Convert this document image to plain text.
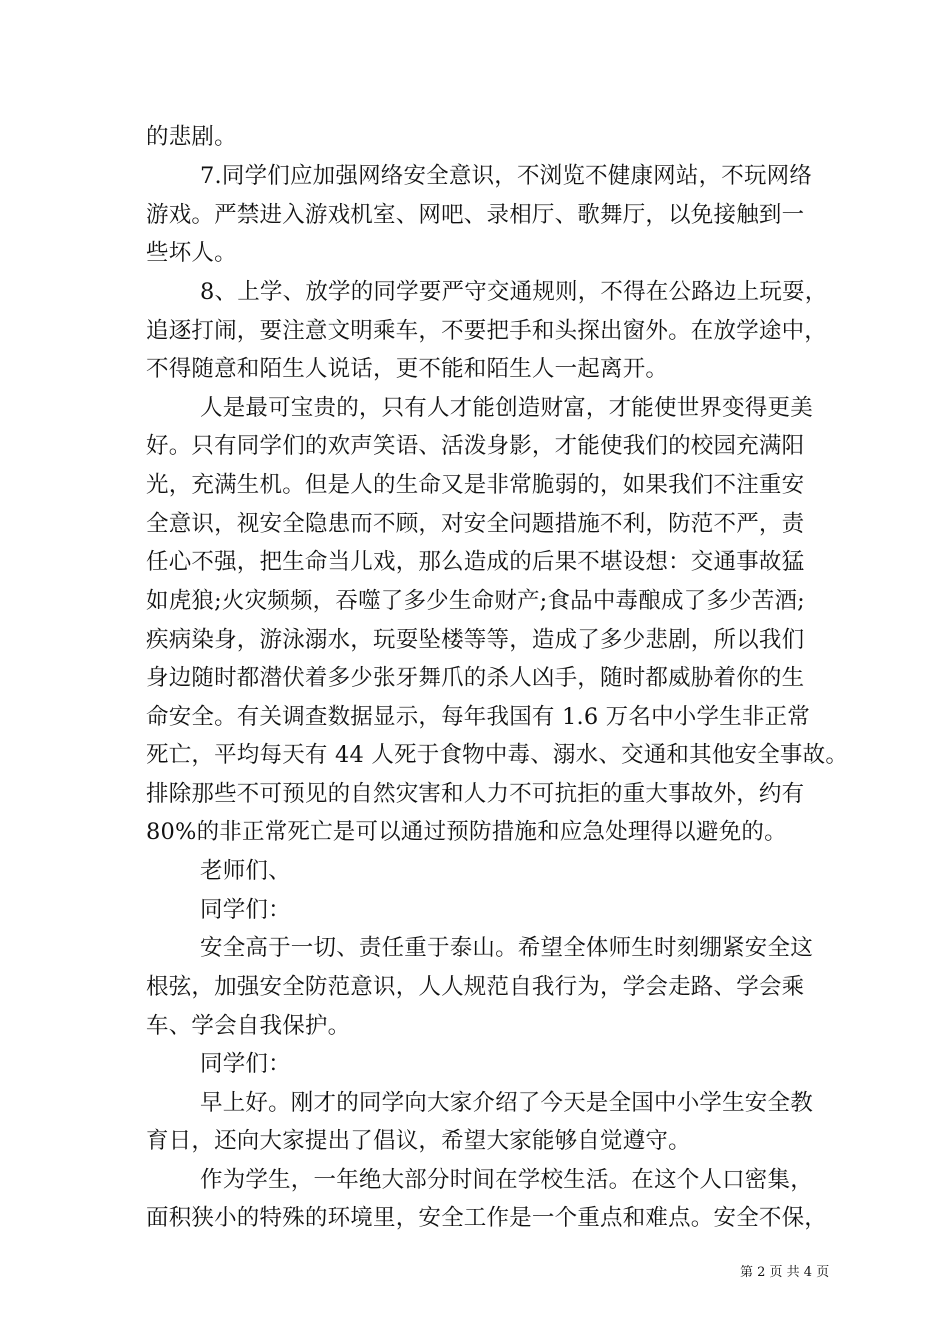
的悲剧。
7.同学们应加强网络安全意识，不浏览不健康网站，不玩网络
游戏。严禁进入游戏机室、网吧、录相厅、歌舞厅，以免接触到一
些坏人。
8、上学、放学的同学要严守交通规则，不得在公路边上玩耍，
追逐打闹，要注意文明乘车，不要把手和头探出窗外。在放学途中，
不得随意和陌生人说话，更不能和陌生人一起离开。
人是最可宝贵的，只有人才能创造财富，才能使世界变得更美
好。只有同学们的欢声笑语、活泼身影，才能使我们的校园充满阳
光，充满生机。但是人的生命又是非常脆弱的，如果我们不注重安
全意识，视安全隐患而不顾，对安全问题措施不利，防范不严，责
任心不强，把生命当儿戏，那么造成的后果不堪设想：交通事故猛
如虎狼;火灾频频，吞噬了多少生命财产;食品中毒酿成了多少苦酒;
疾病染身，游泳溺水，玩耍坠楼等等，造成了多少悲剧，所以我们
身边随时都潜伏着多少张牙舞爪的杀人凶手，随时都威胁着你的生
命安全。有关调查数据显示，每年我国有 1.6 万名中小学生非正常
死亡，平均每天有 44 人死于食物中毒、溺水、交通和其他安全事故。
排除那些不可预见的自然灾害和人力不可抗拒的重大事故外，约有
80%的非正常死亡是可以通过预防措施和应急处理得以避免的。
老师们、
同学们：
安全高于一切、责任重于泰山。希望全体师生时刻绷紧安全这
根弦，加强安全防范意识，人人规范自我行为，学会走路、学会乘
车、学会自我保护。
同学们：
早上好。刚才的同学向大家介绍了今天是全国中小学生安全教
育日，还向大家提出了倡议，希望大家能够自觉遵守。
作为学生，一年绝大部分时间在学校生活。在这个人口密集，
面积狭小的特殊的环境里，安全工作是一个重点和难点。安全不保，
第 2 页 共 4 页
